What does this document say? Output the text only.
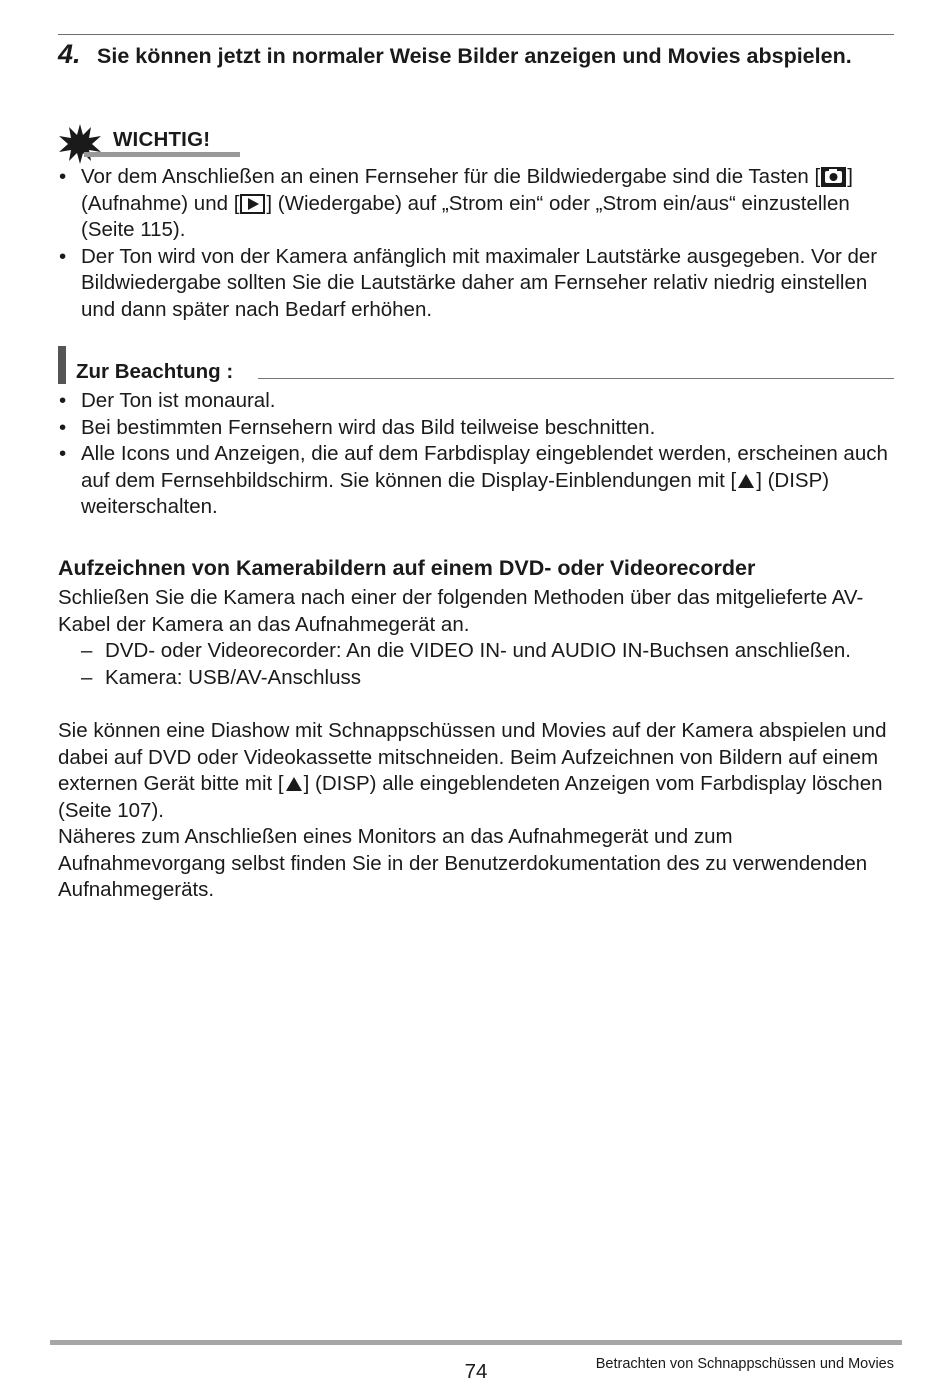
4. Sie können jetzt in normaler Weise Bilder anzeigen und Movies abspielen.
WICHTIG!
• Vor dem Anschließen an einen Fernseher für die Bildwiedergabe sind die Tasten [ ] (Aufnahme) und [ ] (Wiedergabe) auf „Strom ein“ oder „Strom ein/aus“ einzustellen (Seite 115).
• Der Ton wird von der Kamera anfänglich mit maximaler Lautstärke ausgegeben. Vor der Bildwiedergabe sollten Sie die Lautstärke daher am Fernseher relativ niedrig einstellen und dann später nach Bedarf erhöhen.
Zur Beachtung :
• Der Ton ist monaural.
• Bei bestimmten Fernsehern wird das Bild teilweise beschnitten.
• Alle Icons und Anzeigen, die auf dem Farbdisplay eingeblendet werden, erscheinen auch auf dem Fernsehbildschirm. Sie können die Display-Einblendungen mit [ ] (DISP) weiterschalten.
Aufzeichnen von Kamerabildern auf einem DVD- oder Videorecorder

Schließen Sie die Kamera nach einer der folgenden Methoden über das mitgelieferte AV-Kabel der Kamera an das Aufnahmegerät an.

– DVD- oder Videorecorder: An die VIDEO IN- und AUDIO IN-Buchsen anschließen.
– Kamera: USB/AV-Anschluss

Sie können eine Diashow mit Schnappschüssen und Movies auf der Kamera abspielen und dabei auf DVD oder Videokassette mitschneiden. Beim Aufzeichnen von Bildern auf einem externen Gerät bitte mit [ ] (DISP) alle eingeblendeten Anzeigen vom Farbdisplay löschen (Seite 107).

Näheres zum Anschließen eines Monitors an das Aufnahmegerät und zum Aufnahmevorgang selbst finden Sie in der Benutzerdokumentation des zu verwendenden Aufnahmegeräts.

74	Betrachten von Schnappschüssen und Movies
